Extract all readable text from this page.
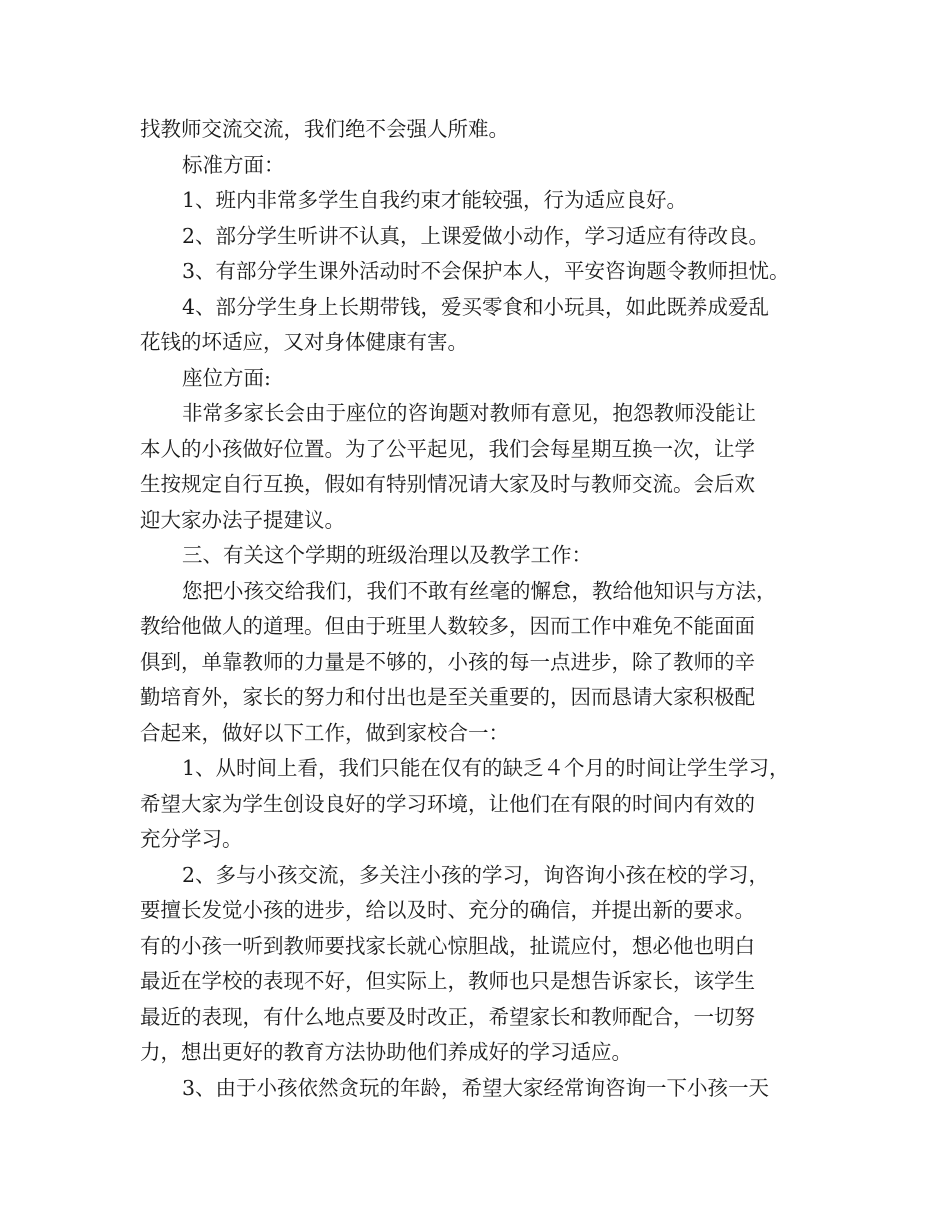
找教师交流交流，我们绝不会强人所难。
标准方面：
1、班内非常多学生自我约束才能较强，行为适应良好。
2、部分学生听讲不认真，上课爱做小动作，学习适应有待改良。
3、有部分学生课外活动时不会保护本人，平安咨询题令教师担忧。
4、部分学生身上长期带钱，爱买零食和小玩具，如此既养成爱乱
花钱的坏适应，又对身体健康有害。
座位方面:
非常多家长会由于座位的咨询题对教师有意见，抱怨教师没能让
本人的小孩做好位置。为了公平起见，我们会每星期互换一次，让学
生按规定自行互换，假如有特别情况请大家及时与教师交流。会后欢
迎大家办法子提建议。
三、有关这个学期的班级治理以及教学工作：
您把小孩交给我们，我们不敢有丝毫的懈怠，教给他知识与方法，
教给他做人的道理。但由于班里人数较多，因而工作中难免不能面面
俱到，单靠教师的力量是不够的，小孩的每一点进步，除了教师的辛
勤培育外，家长的努力和付出也是至关重要的，因而恳请大家积极配
合起来，做好以下工作，做到家校合一：
1、从时间上看，我们只能在仅有的缺乏４个月的时间让学生学习，
希望大家为学生创设良好的学习环境，让他们在有限的时间内有效的
充分学习。
2、多与小孩交流，多关注小孩的学习，询咨询小孩在校的学习，
要擅长发觉小孩的进步，给以及时、充分的确信，并提出新的要求。
有的小孩一听到教师要找家长就心惊胆战，扯谎应付，想必他也明白
最近在学校的表现不好，但实际上，教师也只是想告诉家长，该学生
最近的表现，有什么地点要及时改正，希望家长和教师配合，一切努
力，想出更好的教育方法协助他们养成好的学习适应。
3、由于小孩依然贪玩的年龄，希望大家经常询咨询一下小孩一天
